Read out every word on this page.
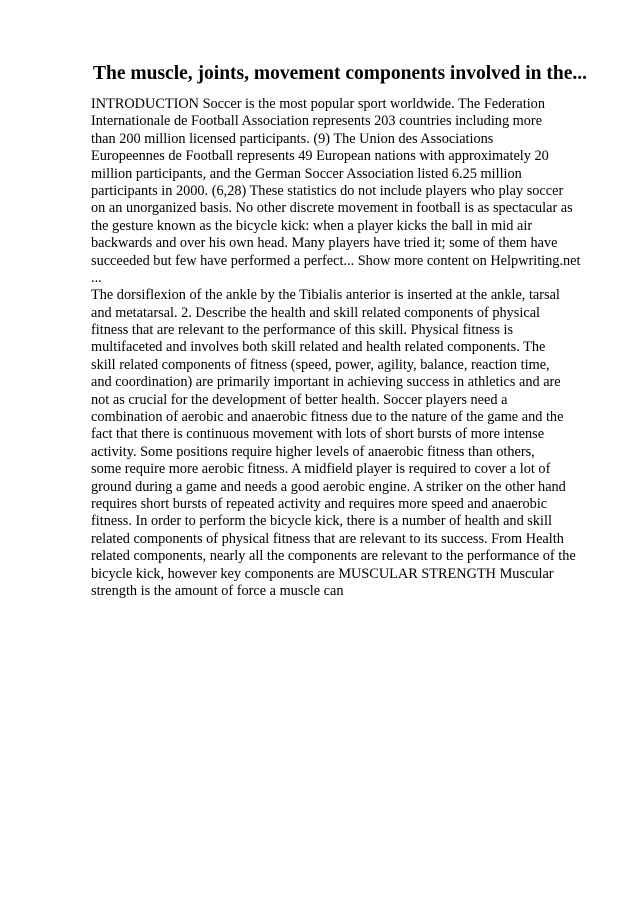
The muscle, joints, movement components involved in the...
INTRODUCTION Soccer is the most popular sport worldwide. The Federation
Internationale de Football Association represents 203 countries including more
than 200 million licensed participants. (9) The Union des Associations
Europeennes de Football represents 49 European nations with approximately 20
million participants, and the German Soccer Association listed 6.25 million
participants in 2000. (6,28) These statistics do not include players who play soccer
on an unorganized basis. No other discrete movement in football is as spectacular as
the gesture known as the bicycle kick: when a player kicks the ball in mid air
backwards and over his own head. Many players have tried it; some of them have
succeeded but few have performed a perfect... Show more content on Helpwriting.net
...
The dorsiflexion of the ankle by the Tibialis anterior is inserted at the ankle, tarsal
and metatarsal. 2. Describe the health and skill related components of physical
fitness that are relevant to the performance of this skill. Physical fitness is
multifaceted and involves both skill related and health related components. The
skill related components of fitness (speed, power, agility, balance, reaction time,
and coordination) are primarily important in achieving success in athletics and are
not as crucial for the development of better health. Soccer players need a
combination of aerobic and anaerobic fitness due to the nature of the game and the
fact that there is continuous movement with lots of short bursts of more intense
activity. Some positions require higher levels of anaerobic fitness than others,
some require more aerobic fitness. A midfield player is required to cover a lot of
ground during a game and needs a good aerobic engine. A striker on the other hand
requires short bursts of repeated activity and requires more speed and anaerobic
fitness. In order to perform the bicycle kick, there is a number of health and skill
related components of physical fitness that are relevant to its success. From Health
related components, nearly all the components are relevant to the performance of the
bicycle kick, however key components are MUSCULAR STRENGTH Muscular
strength is the amount of force a muscle can
